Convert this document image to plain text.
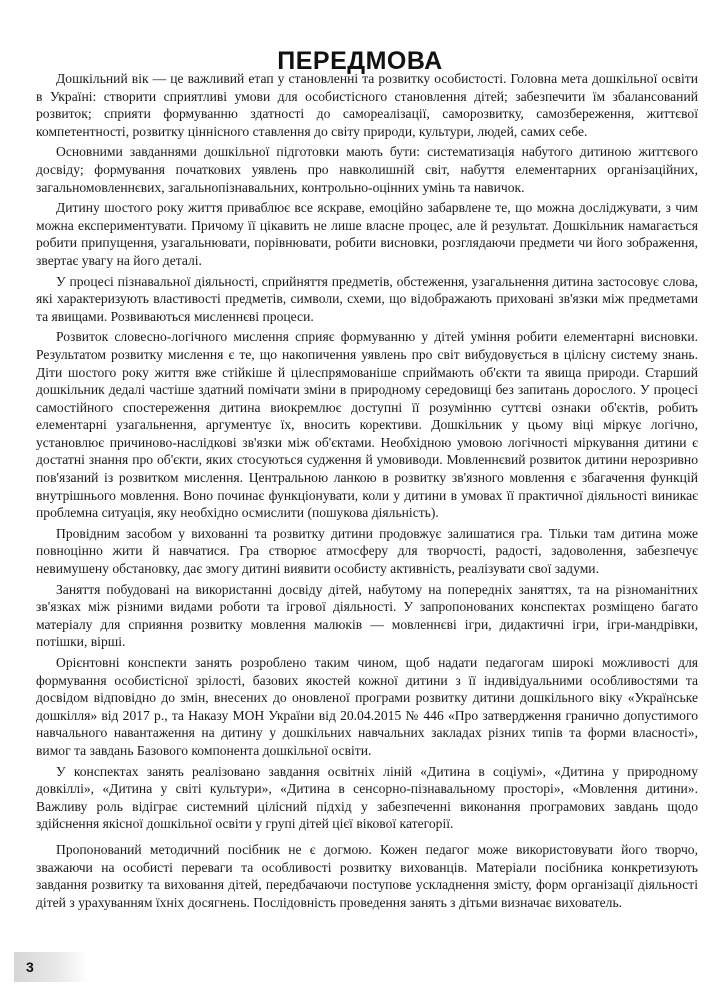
ПЕРЕДМОВА

Дошкільний вік — це важливий етап у становленні та розвитку особистості. Головна мета дошкільної освіти в Україні: створити сприятливі умови для особистісного становлення дітей; забезпечити їм збалансований розвиток; сприяти формуванню здатності до самореалізації, саморозвитку, самозбереження, життєвої компетентності, розвитку ціннісного ставлення до світу природи, культури, людей, самих себе.

Основними завданнями дошкільної підготовки мають бути: систематизація набутого дитиною життєвого досвіду; формування початкових уявлень про навколишній світ, набуття елементарних організаційних, загальномовленнєвих, загальнопізнавальних, контрольно-оцінних умінь та навичок.

Дитину шостого року життя приваблює все яскраве, емоційно забарвлене те, що можна досліджувати, з чим можна експериментувати. Причому її цікавить не лише власне процес, але й результат. Дошкільник намагається робити припущення, узагальнювати, порівнювати, робити висновки, розглядаючи предмети чи його зображення, звертає увагу на його деталі.

У процесі пізнавальної діяльності, сприйняття предметів, обстеження, узагальнення дитина застосовує слова, які характеризують властивості предметів, символи, схеми, що відображають приховані зв'язки між предметами та явищами. Розвиваються мисленнєві процеси.

Розвиток словесно-логічного мислення сприяє формуванню у дітей уміння робити елементарні висновки. Результатом розвитку мислення є те, що накопичення уявлень про світ вибудовується в цілісну систему знань. Діти шостого року життя вже стійкіше й цілеспрямованіше сприймають об'єкти та явища природи. Старший дошкільник дедалі частіше здатний помічати зміни в природному середовищі без запитань дорослого. У процесі самостійного спостереження дитина виокремлює доступні її розумінню суттєві ознаки об'єктів, робить елементарні узагальнення, аргументує їх, вносить корективи. Дошкільник у цьому віці міркує логічно, установлює причиново-наслідкові зв'язки між об'єктами. Необхідною умовою логічності міркування дитини є достатні знання про об'єкти, яких стосуються судження й умовиводи. Мовленнєвий розвиток дитини нерозривно пов'язаний із розвитком мислення. Центральною ланкою в розвитку зв'язного мовлення є збагачення функцій внутрішнього мовлення. Воно починає функціонувати, коли у дитини в умовах її практичної діяльності виникає проблемна ситуація, яку необхідно осмислити (пошукова діяльність).

Провідним засобом у вихованні та розвитку дитини продовжує залишатися гра. Тільки там дитина може повноцінно жити й навчатися. Гра створює атмосферу для творчості, радості, задоволення, забезпечує невимушену обстановку, дає змогу дитині виявити особисту активність, реалізувати свої задуми.

Заняття побудовані на використанні досвіду дітей, набутому на попередніх заняттях, та на різноманітних зв'язках між різними видами роботи та ігрової діяльності. У запропонованих конспектах розміщено багато матеріалу для сприяння розвитку мовлення малюків — мовленнєві ігри, дидактичні ігри, ігри-мандрівки, потішки, вірші.

Орієнтовні конспекти занять розроблено таким чином, щоб надати педагогам широкі можливості для формування особистісної зрілості, базових якостей кожної дитини з її індивідуальними особливостями та досвідом відповідно до змін, внесених до оновленої програми розвитку дитини дошкільного віку «Українське дошкілля» від 2017 р., та Наказу МОН України від 20.04.2015 № 446 «Про затвердження гранично допустимого навчального навантаження на дитину у дошкільних навчальних закладах різних типів та форми власності», вимог та завдань Базового компонента дошкільної освіти.

У конспектах занять реалізовано завдання освітніх ліній «Дитина в соціумі», «Дитина у природному довкіллі», «Дитина у світі культури», «Дитина в сенсорно-пізнавальному просторі», «Мовлення дитини». Важливу роль відіграє системний цілісний підхід у забезпеченні виконання програмових завдань щодо здійснення якісної дошкільної освіти у групі дітей цієї вікової категорії.

Пропонований методичний посібник не є догмою. Кожен педагог може використовувати його творчо, зважаючи на особисті переваги та особливості розвитку вихованців. Матеріали посібника конкретизують завдання розвитку та виховання дітей, передбачаючи поступове ускладнення змісту, форм організації діяльності дітей з урахуванням їхніх досягнень. Послідовність проведення занять з дітьми визначає вихователь.

3
